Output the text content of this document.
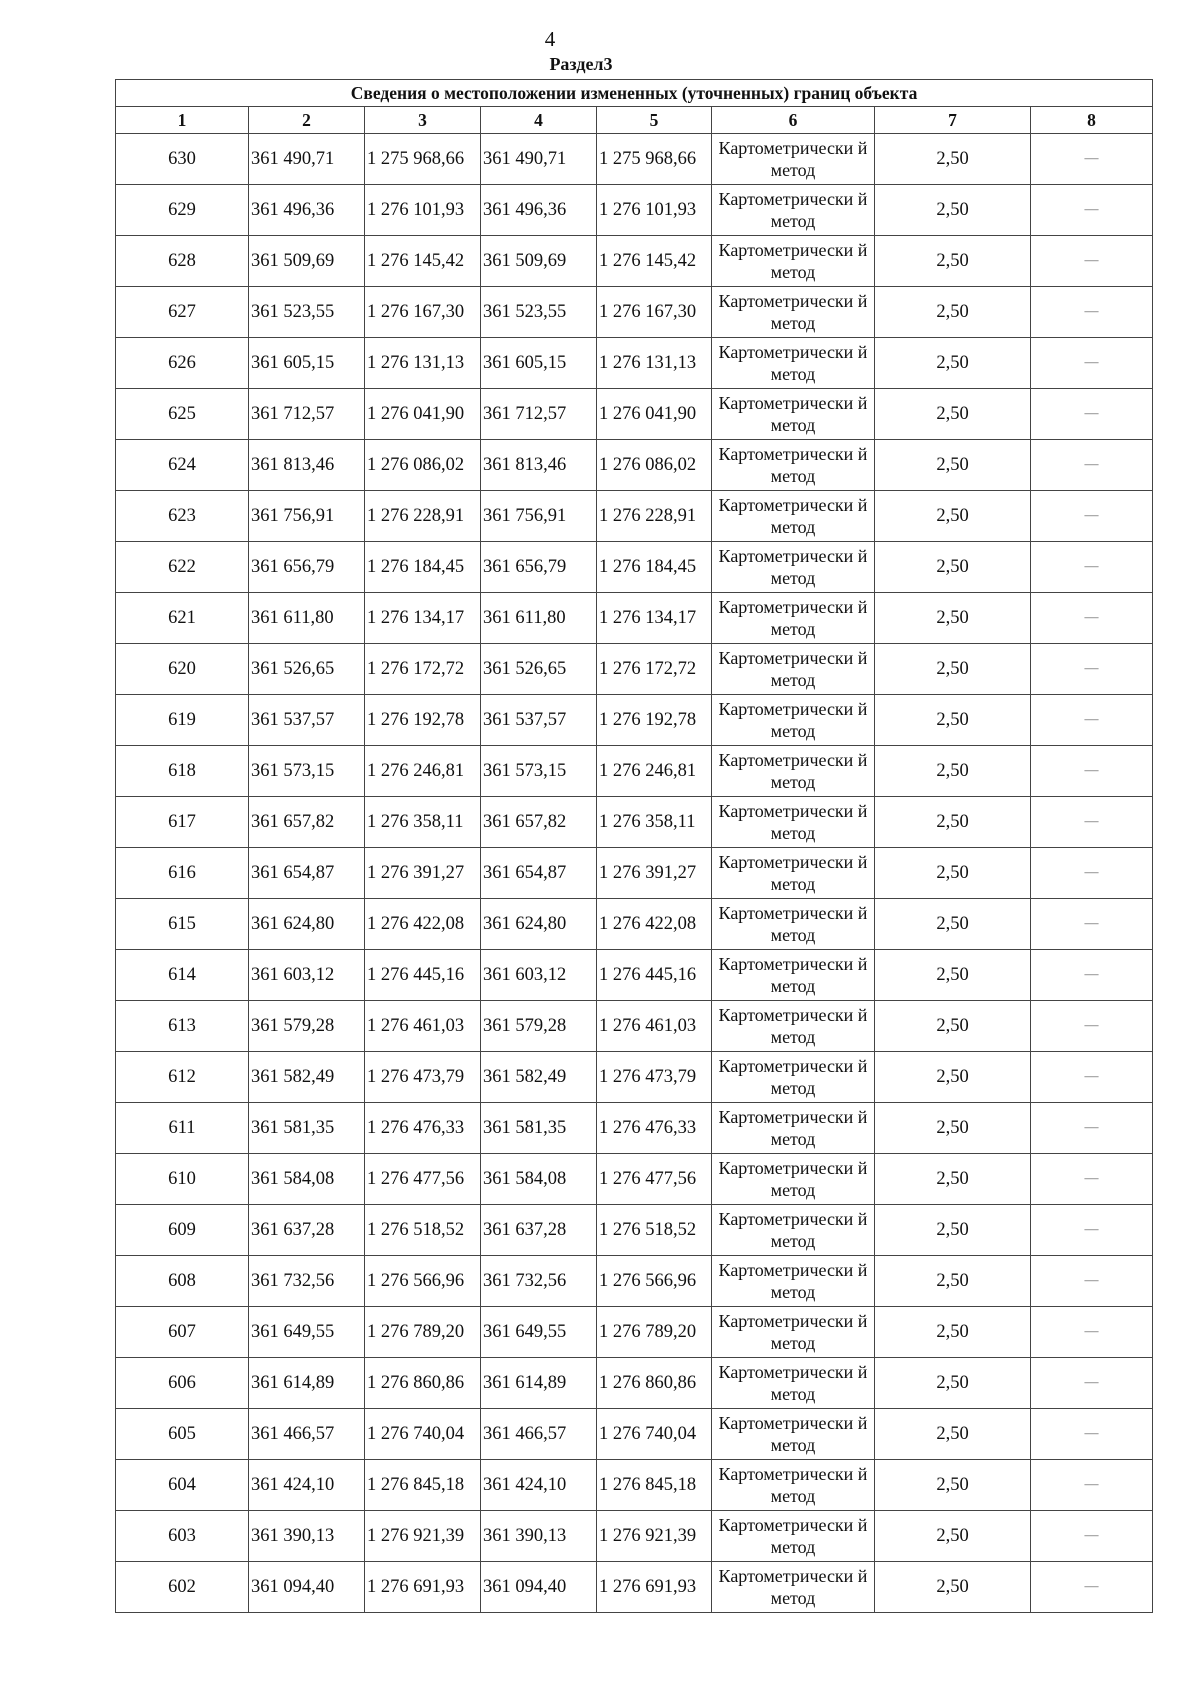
4
Раздел3
Сведения о местоположении измененных (уточненных) границ объекта							
1	2	3	4	5	6	7	8
630	361 490,71	1 275 968,66	361 490,71	1 275 968,66	Картометрически й метод	2,50	—
629	361 496,36	1 276 101,93	361 496,36	1 276 101,93	Картометрически й метод	2,50	—
628	361 509,69	1 276 145,42	361 509,69	1 276 145,42	Картометрически й метод	2,50	—
627	361 523,55	1 276 167,30	361 523,55	1 276 167,30	Картометрически й метод	2,50	—
626	361 605,15	1 276 131,13	361 605,15	1 276 131,13	Картометрически й метод	2,50	—
625	361 712,57	1 276 041,90	361 712,57	1 276 041,90	Картометрически й метод	2,50	—
624	361 813,46	1 276 086,02	361 813,46	1 276 086,02	Картометрически й метод	2,50	—
623	361 756,91	1 276 228,91	361 756,91	1 276 228,91	Картометрически й метод	2,50	—
622	361 656,79	1 276 184,45	361 656,79	1 276 184,45	Картометрически й метод	2,50	—
621	361 611,80	1 276 134,17	361 611,80	1 276 134,17	Картометрически й метод	2,50	—
620	361 526,65	1 276 172,72	361 526,65	1 276 172,72	Картометрически й метод	2,50	—
619	361 537,57	1 276 192,78	361 537,57	1 276 192,78	Картометрически й метод	2,50	—
618	361 573,15	1 276 246,81	361 573,15	1 276 246,81	Картометрически й метод	2,50	—
617	361 657,82	1 276 358,11	361 657,82	1 276 358,11	Картометрически й метод	2,50	—
616	361 654,87	1 276 391,27	361 654,87	1 276 391,27	Картометрически й метод	2,50	—
615	361 624,80	1 276 422,08	361 624,80	1 276 422,08	Картометрически й метод	2,50	—
614	361 603,12	1 276 445,16	361 603,12	1 276 445,16	Картометрически й метод	2,50	—
613	361 579,28	1 276 461,03	361 579,28	1 276 461,03	Картометрически й метод	2,50	—
612	361 582,49	1 276 473,79	361 582,49	1 276 473,79	Картометрически й метод	2,50	—
611	361 581,35	1 276 476,33	361 581,35	1 276 476,33	Картометрически й метод	2,50	—
610	361 584,08	1 276 477,56	361 584,08	1 276 477,56	Картометрически й метод	2,50	—
609	361 637,28	1 276 518,52	361 637,28	1 276 518,52	Картометрически й метод	2,50	—
608	361 732,56	1 276 566,96	361 732,56	1 276 566,96	Картометрически й метод	2,50	—
607	361 649,55	1 276 789,20	361 649,55	1 276 789,20	Картометрически й метод	2,50	—
606	361 614,89	1 276 860,86	361 614,89	1 276 860,86	Картометрически й метод	2,50	—
605	361 466,57	1 276 740,04	361 466,57	1 276 740,04	Картометрически й метод	2,50	—
604	361 424,10	1 276 845,18	361 424,10	1 276 845,18	Картометрически й метод	2,50	—
603	361 390,13	1 276 921,39	361 390,13	1 276 921,39	Картометрически й метод	2,50	—
602	361 094,40	1 276 691,93	361 094,40	1 276 691,93	Картометрически й метод	2,50	—
